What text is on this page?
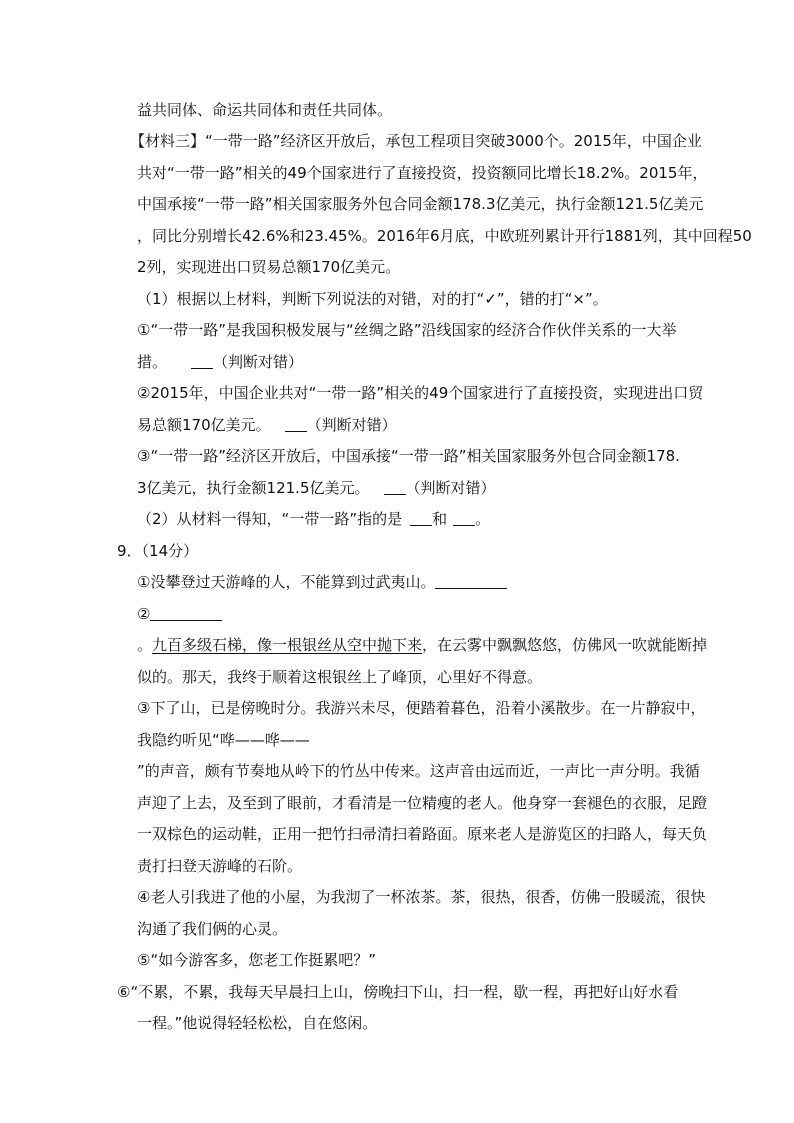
益共同体、命运共同体和责任共同体。
【材料三】“一带一路”经济区开放后，承包工程项目突破3000个。2015年，中国企业
共对“一带一路”相关的49个国家进行了直接投资，投资额同比增长18.2%。2015年，
中国承接“一带一路”相关国家服务外包合同金额178.3亿美元，执行金额121.5亿美元
，同比分别增长42.6%和23.45%。2016年6月底，中欧班列累计开行1881列，其中回程50
2列，实现进出口贸易总额170亿美元。
（1）根据以上材料，判断下列说法的对错，对的打“✓”，错的打“×”。
①“一带一路”是我国积极发展与“丝绸之路”沿线国家的经济合作伙伴关系的一大举
措。	（判断对错）
②2015年，中国企业共对“一带一路”相关的49个国家进行了直接投资，实现进出口贸
易总额170亿美元。 （判断对错）
③“一带一路”经济区开放后，中国承接“一带一路”相关国家服务外包合同金额178.
3亿美元，执行金额121.5亿美元。 （判断对错）
（2）从材料一得知，“一带一路”指的是 和 。
9．（14分）
①没攀登过天游峰的人，不能算到过武夷山。
②
。九百多级石梯，像一根银丝从空中抛下来，在云雾中飘飘悠悠，仿佛风一吹就能断掉
似的。那天，我终于顺着这根银丝上了峰顶，心里好不得意。
③下了山，已是傍晚时分。我游兴未尽，便踏着暮色，沿着小溪散步。在一片静寂中，
我隐约听见“哗——哗——
”的声音，颇有节奏地从岭下的竹丛中传来。这声音由远而近，一声比一声分明。我循
声迎了上去，及至到了眼前，才看清是一位精瘦的老人。他身穿一套褪色的衣服，足蹬
一双棕色的运动鞋，正用一把竹扫帚清扫着路面。原来老人是游览区的扫路人，每天负
责打扫登天游峰的石阶。
④老人引我进了他的小屋，为我沏了一杯浓茶。茶，很热，很香，仿佛一股暖流，很快
沟通了我们俩的心灵。
⑤“如今游客多，您老工作挺累吧？”
⑥“不累，不累，我每天早晨扫上山，傍晚扫下山，扫一程，歇一程，再把好山好水看
一程。”他说得轻轻松松，自在悠闲。
